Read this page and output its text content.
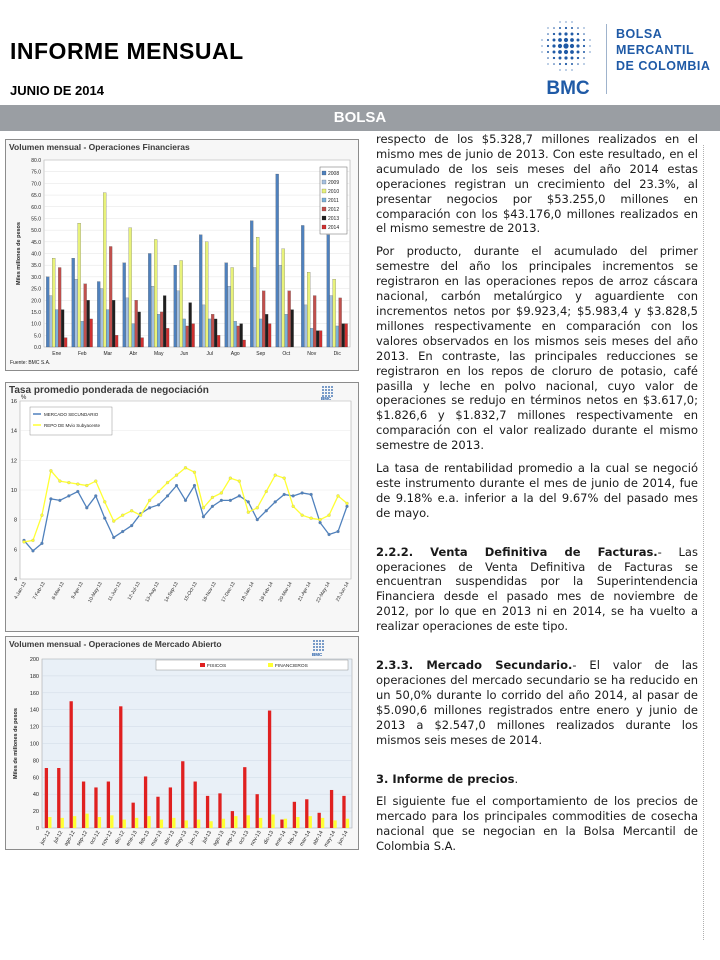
INFORME MENSUAL
JUNIO DE 2014	BMC
BOLSA
MERCANTIL
DE COLOMBIA
BOLSA
0.0
5.0
10.0
15.0
20.0
25.0
30.0
35.0
40.0
45.0
50.0
55.0
60.0
65.0
70.0
75.0
80.0
Ene	Feb	Mar	Abr	May	Jun	Jul	Ago	Sep	Oct	Nov	Dic
Miles millones de pesos
2008
2009
2010
2011
2012
2013
2014
Fuente: BMC S.A.
Volumen mensual - Operaciones Financieras
4
6
8
10
12
14
16
%
4-Jan-13 7-Feb-13 8-Mar-13 9-Apr-13 10-May-13 11-Jun-13 12-Jul-13 13-Aug-13 14-Sep-13 15-Oct-13 16-Nov-13 17-Dec-13 18-Jan-14 19-Feb-14 20-Mar-14 21-Apr-14 22-May-14 23-Jun-14
MERCADO SECUNDARIO
REPO DE Mvio Subyacente
BMC
Tasa promedio ponderada de negociación
0
20
40
60
80
100
120
140
160
180
200
jun-12 jul-12
ago-12 sep-12 oct-12 nov-12 dic-12
ene-13 feb-13
mar-13 abr-13
may-13 jun-13 jul-13
ago-13 sep-13 oct-13 nov-13 dic-13
ene-14 feb-14
mar-14 abr-14
may-14 jun-14
Miles de millones de pesos
FISICOS	FINANCIEROS
BMC
Volumen mensual - Operaciones de Mercado Abierto

respecto de los $5.328,7 millones realizados en el mismo mes de junio de 2013. Con este resultado, en el acumulado de los seis meses del año 2014 estas operaciones registran un crecimiento del 23.3%, al presentar negocios por $53.255,0 millones en comparación con los $43.176,0 millones realizados en el mismo semestre de 2013.

Por producto, durante el acumulado del primer semestre del año los principales incrementos se registraron en las operaciones repos de arroz cáscara nacional, carbón metalúrgico y aguardiente con incrementos netos por $9.923,4; $5.983,4 y $3.828,5 millones respectivamente en comparación con los valores observados en los mismos seis meses del año 2013. En contraste, las principales reducciones se registraron en los repos de cloruro de potasio, café pasilla y leche en polvo nacional, cuyo valor de operaciones se redujo en términos netos en $3.617,0; $1.826,6 y $1.832,7 millones respectivamente en comparación con el valor realizado durante el mismo semestre de 2013.

La tasa de rentabilidad promedio a la cual se negoció este instrumento durante el mes de junio de 2014, fue de 9.18% e.a. inferior a la del 9.67% del pasado mes de mayo.

2.2.2. Venta Definitiva de Facturas.- Las operaciones de Venta Definitiva de Facturas se encuentran suspendidas por la Superintendencia Financiera desde el pasado mes de noviembre de 2012, por lo que en 2013 ni en 2014, se ha vuelto a realizar operaciones de este tipo.

2.3.3. Mercado Secundario.- El valor de las operaciones del mercado secundario se ha reducido en un 50,0% durante lo corrido del año 2014, al pasar de $5.090,6 millones registrados entre enero y junio de 2013 a $2.547,0 millones realizados durante los mismos seis meses de 2014.

3. Informe de precios.

El siguiente fue el comportamiento de los precios de mercado para los principales commodities de cosecha nacional que se negocian en la Bolsa Mercantil de Colombia S.A.
